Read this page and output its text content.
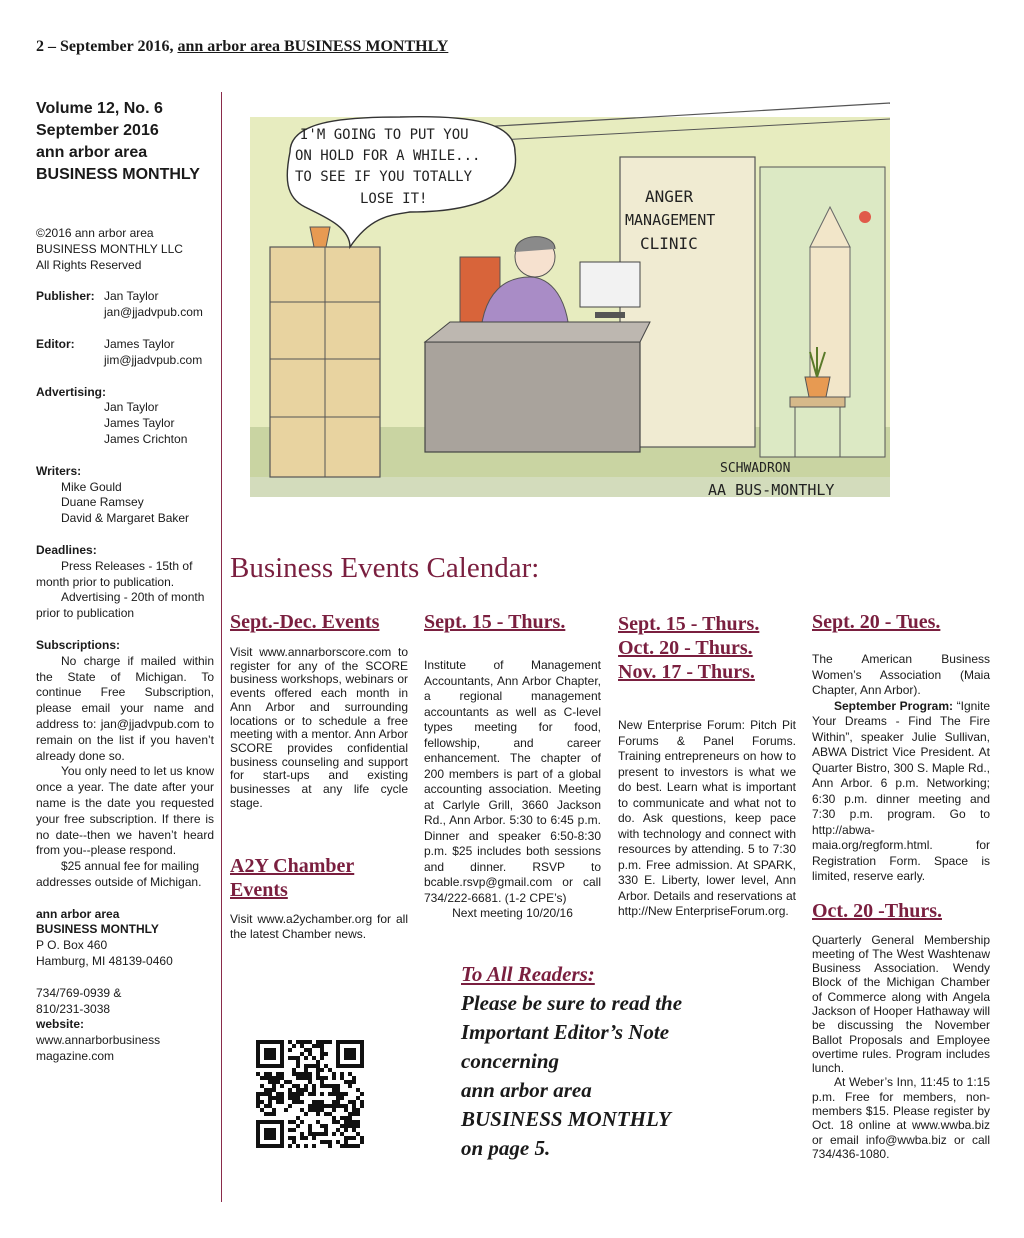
2 – September 2016, ann arbor area BUSINESS MONTHLY
Volume 12, No. 6
September 2016
ann arbor area
BUSINESS MONTHLY
©2016 ann arbor area
BUSINESS MONTHLY LLC
All Rights Reserved
Publisher: Jan Taylor
jan@jjadvpub.com
Editor:	James Taylor
jim@jjadvpub.com
Advertising:
Jan Taylor
James Taylor
James Crichton
Writers:
Mike Gould
Duane Ramsey
David & Margaret Baker
Deadlines:

Press Releases - 15th of month prior to publication.

Advertising - 20th of month prior to publication

Subscriptions:

No charge if mailed within the State of Michigan. To continue Free Subscription, please email your name and address to: jan@jjadvpub.com to remain on the list if you haven’t already done so.

You only need to let us know once a year. The date after your name is the date you requested your free subscription. If there is no date--then we haven’t heard from you--please respond.

$25 annual fee for mailing addresses outside of Michigan.

ann arbor area
BUSINESS MONTHLY
P O. Box 460
Hamburg, MI 48139-0460
734/769-0939 &
810/231-3038
website:
www.annarborbusiness
magazine.com
ANGER
MANAGEMENT
CLINIC
I'M GOING TO PUT YOU
ON HOLD FOR A WHILE...
TO SEE IF YOU TOTALLY
LOSE IT!
SCHWADRON
AA BUS-MONTHLY
Business Events Calendar:
Sept.-Dec. Events

Visit www.annarborscore.com to register for any of the SCORE business workshops, webinars or events offered each month in Ann Arbor and surrounding locations or to schedule a free meeting with a mentor. Ann Arbor SCORE provides confidential business counseling and support for start-ups and existing businesses at any life cycle stage.

A2Y Chamber Events

Visit www.a2ychamber.org for all the latest Chamber news.

Sept. 15 - Thurs.

Institute of Management Accountants, Ann Arbor Chapter, a regional management accountants as well as C-level types meeting for food, fellowship, and career enhancement. The chapter of 200 members is part of a global accounting association. Meeting at Carlyle Grill, 3660 Jackson Rd., Ann Arbor. 5:30 to 6:45 p.m. Dinner and speaker 6:50-8:30 p.m. $25 includes both sessions and dinner. RSVP to bcable.rsvp@gmail.com or call 734/222-6681. (1-2 CPE’s)

Next meeting 10/20/16

Sept. 15 - Thurs.
Oct. 20 - Thurs.
Nov. 17 - Thurs.

New Enterprise Forum: Pitch Pit Forums & Panel Forums. Training entrepreneurs on how to present to investors is what we do best. Learn what is important to communicate and what not to do. Ask questions, keep pace with technology and connect with resources by attending. 5 to 7:30 p.m. Free admission. At SPARK, 330 E. Liberty, lower level, Ann Arbor. Details and reservations at http://New EnterpriseForum.org.

Sept. 20 - Tues.

The American Business Women’s Association (Maia Chapter, Ann Arbor).

September Program: “Ignite Your Dreams - Find The Fire Within”, speaker Julie Sullivan, ABWA District Vice President. At Quarter Bistro, 300 S. Maple Rd., Ann Arbor. 6 p.m. Networking; 6:30 p.m. dinner meeting and 7:30 p.m. program. Go to http://abwa-maia.org/regform.html. for Registration Form. Space is limited, reserve early.

Oct. 20 -Thurs.

Quarterly General Membership meeting of The West Washtenaw Business Association. Wendy Block of the Michigan Chamber of Commerce along with Angela Jackson of Hooper Hathaway will be discussing the November Ballot Proposals and Employee overtime rules. Program includes lunch.

At Weber’s Inn, 11:45 to 1:15 p.m. Free for members, non-members $15. Please register by Oct. 18 online at www.wwba.biz or email info@wwba.biz or call 734/436-1080.

To All Readers:
Please be sure to read the
Important Editor’s Note
concerning
ann arbor area
BUSINESS MONTHLY
on page 5.
